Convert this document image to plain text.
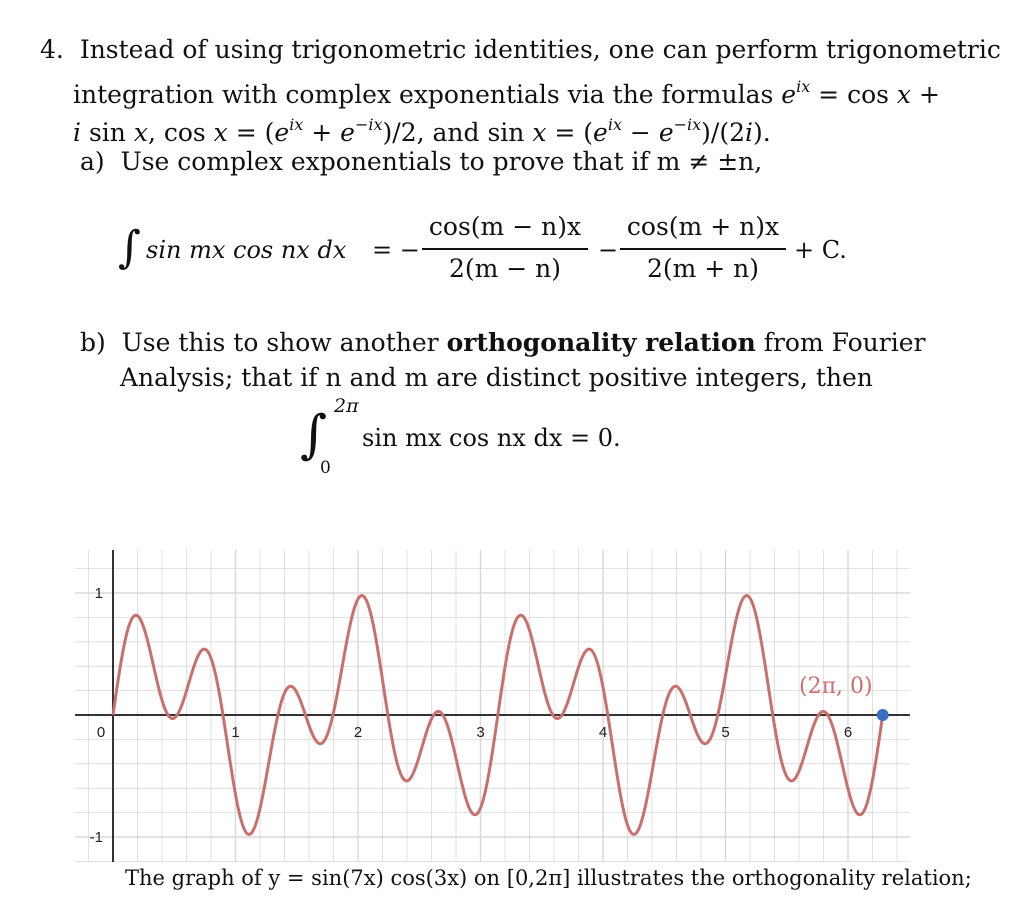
4. Instead of using trigonometric identities, one can perform trigonometric
integration with complex exponentials via the formulas $e^{ix} = \cos x$ +
i sin x, $\cos x = (e^{ix} + e^{-ix})/2$, and $\sin x = (e^{ix} - e^{-ix})/(2i)$.
a) Use complex exponentials to prove that if m ≠ ±n,
∫ sin mx cos nx dx = −
cos(m − n)x
2(m − n)
−
cos(m + n)x
2(m + n)
+ C.
b) Use this to show another orthogonality relation from Fourier
Analysis; that if n and m are distinct positive integers, then
∫ 2π
0
sin mx cos nx dx = 0.
0	1	2	3	4	5	6
1
-1
(2π, 0)
The graph of y = sin(7x) cos(3x) on [0,2π] illustrates the orthogonality relation;
